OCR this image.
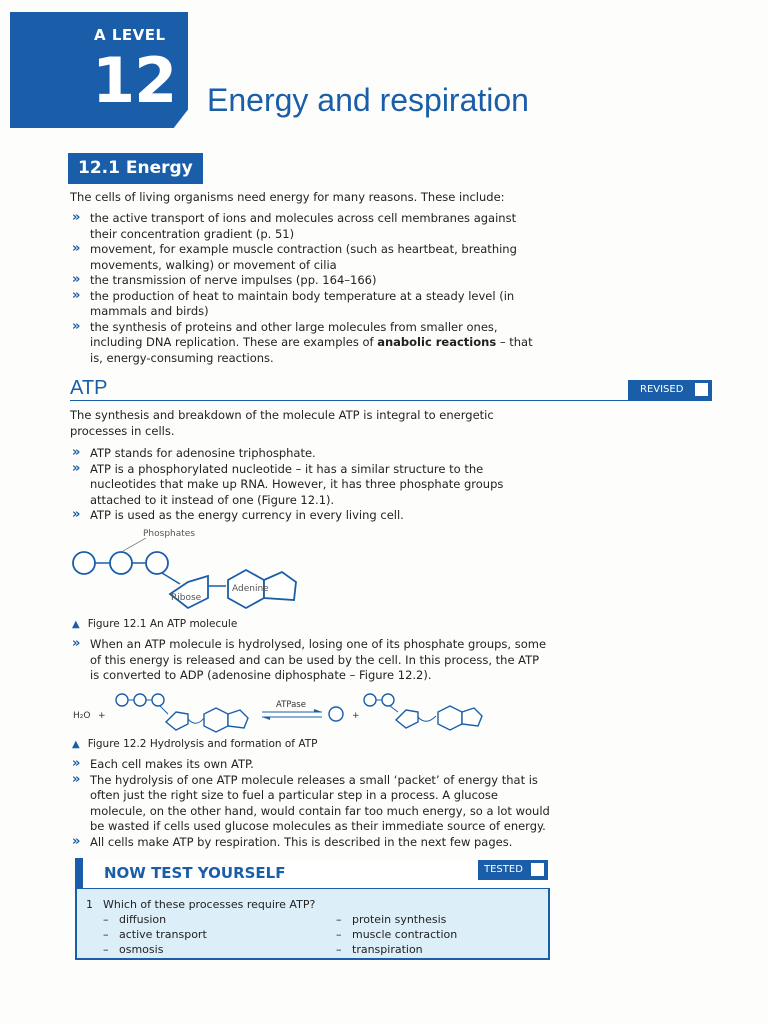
A LEVEL
12 Energy and respiration
12.1 Energy
The cells of living organisms need energy for many reasons. These include:
» the active transport of ions and molecules across cell membranes against their concentration gradient (p. 51)
» movement, for example muscle contraction (such as heartbeat, breathing movements, walking) or movement of cilia
» the transmission of nerve impulses (pp. 164–166)
» the production of heat to maintain body temperature at a steady level (in mammals and birds)
» the synthesis of proteins and other large molecules from smaller ones, including DNA replication. These are examples of anabolic reactions – that is, energy-consuming reactions.
ATP	REVISED
The synthesis and breakdown of the molecule ATP is integral to energetic processes in cells.
» ATP stands for adenosine triphosphate.
» ATP is a phosphorylated nucleotide – it has a similar structure to the nucleotides that make up RNA. However, it has three phosphate groups attached to it instead of one (Figure 12.1).
» ATP is used as the energy currency in every living cell.
Phosphates
Ribose
Adenine
▲ Figure 12.1 An ATP molecule
» When an ATP molecule is hydrolysed, losing one of its phosphate groups, some of this energy is released and can be used by the cell. In this process, the ATP is converted to ADP (adenosine diphosphate – Figure 12.2).
H₂O +
ATPase
+
▲ Figure 12.2 Hydrolysis and formation of ATP
» Each cell makes its own ATP.
» The hydrolysis of one ATP molecule releases a small ‘packet’ of energy that is often just the right size to fuel a particular step in a process. A glucose molecule, on the other hand, would contain far too much energy, so a lot would be wasted if cells used glucose molecules as their immediate source of energy.
» All cells make ATP by respiration. This is described in the next few pages.
NOW TEST YOURSELF	TESTED
1 Which of these processes require ATP?
– diffusion
– active transport
– osmosis
– protein synthesis
– muscle contraction
– transpiration
